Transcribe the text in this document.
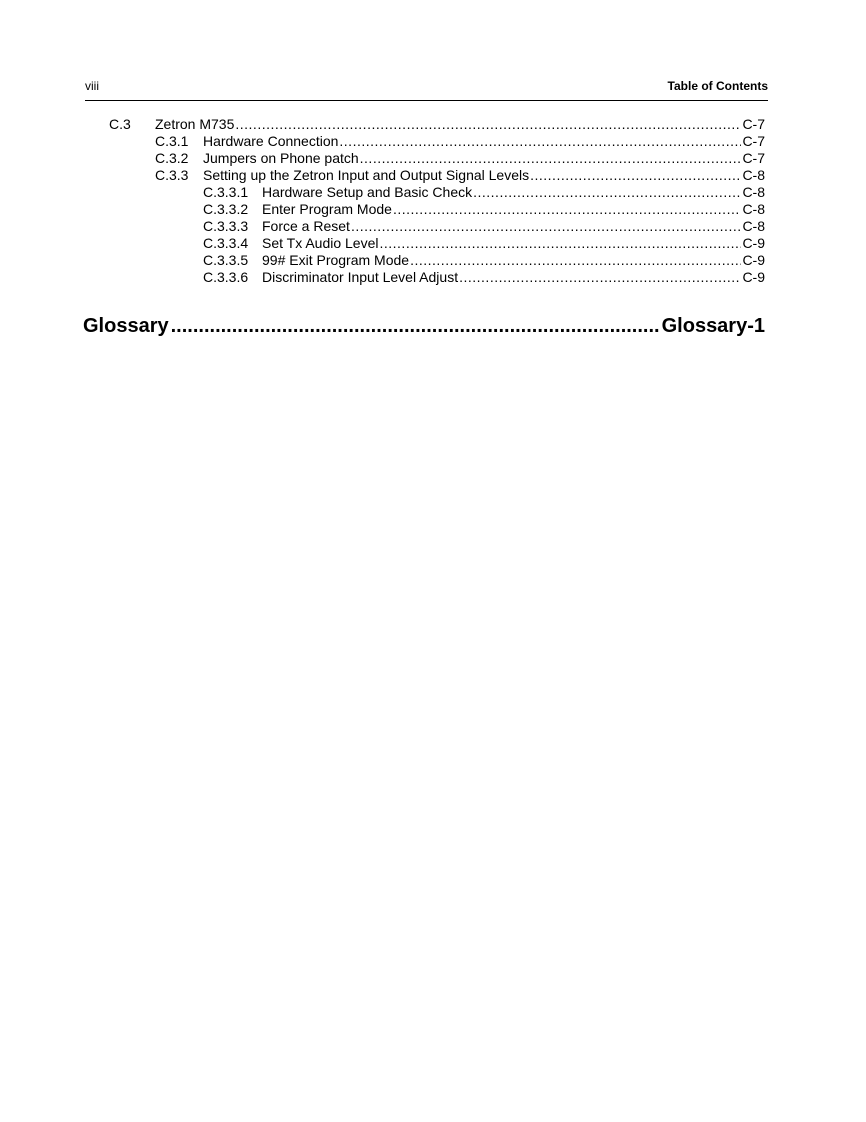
viii	Table of Contents
C.3	Zetron M735 .....	C-7
C.3.1	Hardware Connection .....	C-7
C.3.2	Jumpers on Phone patch .....	C-7
C.3.3	Setting up the Zetron Input and Output Signal Levels .....	C-8
C.3.3.1 Hardware Setup and Basic Check .....	C-8
C.3.3.2 Enter Program Mode .....	C-8
C.3.3.3 Force a Reset .....	C-8
C.3.3.4 Set Tx Audio Level .....	C-9
C.3.3.5 99# Exit Program Mode .....	C-9
C.3.3.6 Discriminator Input Level Adjust .....	C-9
Glossary .....	Glossary-1
